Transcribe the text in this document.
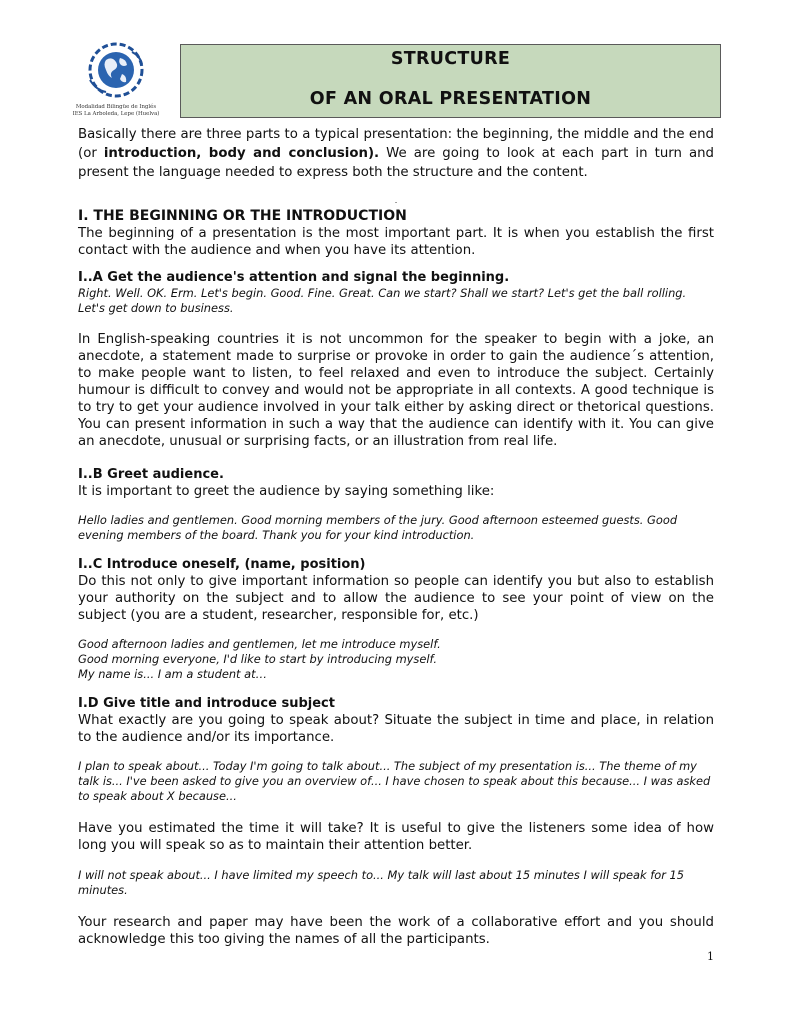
Modalidad Bilingüe de Inglés
IES La Arboleda, Lepe (Huelva)
STRUCTURE
OF AN ORAL PRESENTATION

Basically there are three parts to a typical presentation: the beginning, the middle and the end (or introduction, body and conclusion). We are going to look at each part in turn and present the language needed to express both the structure and the content.

.

I. THE BEGINNING OR THE INTRODUCTION

The beginning of a presentation is the most important part. It is when you establish the first contact with the audience and when you have its attention.

I..A Get the audience's attention and signal the beginning.

Right. Well. OK. Erm. Let's begin. Good. Fine. Great. Can we start? Shall we start? Let's get the ball rolling. Let's get down to business.

In English-speaking countries it is not uncommon for the speaker to begin with a joke, an anecdote, a statement made to surprise or provoke in order to gain the audience´s attention, to make people want to listen, to feel relaxed and even to introduce the subject. Certainly humour is difficult to convey and would not be appropriate in all contexts. A good technique is to try to get your audience involved in your talk either by asking direct or thetorical questions. You can present information in such a way that the audience can identify with it. You can give an anecdote, unusual or surprising facts, or an illustration from real life.

I..B Greet audience.

It is important to greet the audience by saying something like:

Hello ladies and gentlemen. Good morning members of the jury. Good afternoon esteemed guests. Good evening members of the board. Thank you for your kind introduction.

I..C Introduce oneself, (name, position)

Do this not only to give important information so people can identify you but also to establish your authority on the subject and to allow the audience to see your point of view on the subject (you are a student, researcher, responsible for, etc.)

Good afternoon ladies and gentlemen, let me introduce myself.

Good morning everyone, I'd like to start by introducing myself.

My name is... I am a student at…

I.D Give title and introduce subject

What exactly are you going to speak about? Situate the subject in time and place, in relation to the audience and/or its importance.

I plan to speak about... Today I'm going to talk about... The subject of my presentation is... The theme of my talk is... I've been asked to give you an overview of... I have chosen to speak about this because... I was asked to speak about X because...

Have you estimated the time it will take? It is useful to give the listeners some idea of how long you will speak so as to maintain their attention better.

I will not speak about... I have limited my speech to... My talk will last about 15 minutes I will speak for 15 minutes.

Your research and paper may have been the work of a collaborative effort and you should acknowledge this too giving the names of all the participants.

1
